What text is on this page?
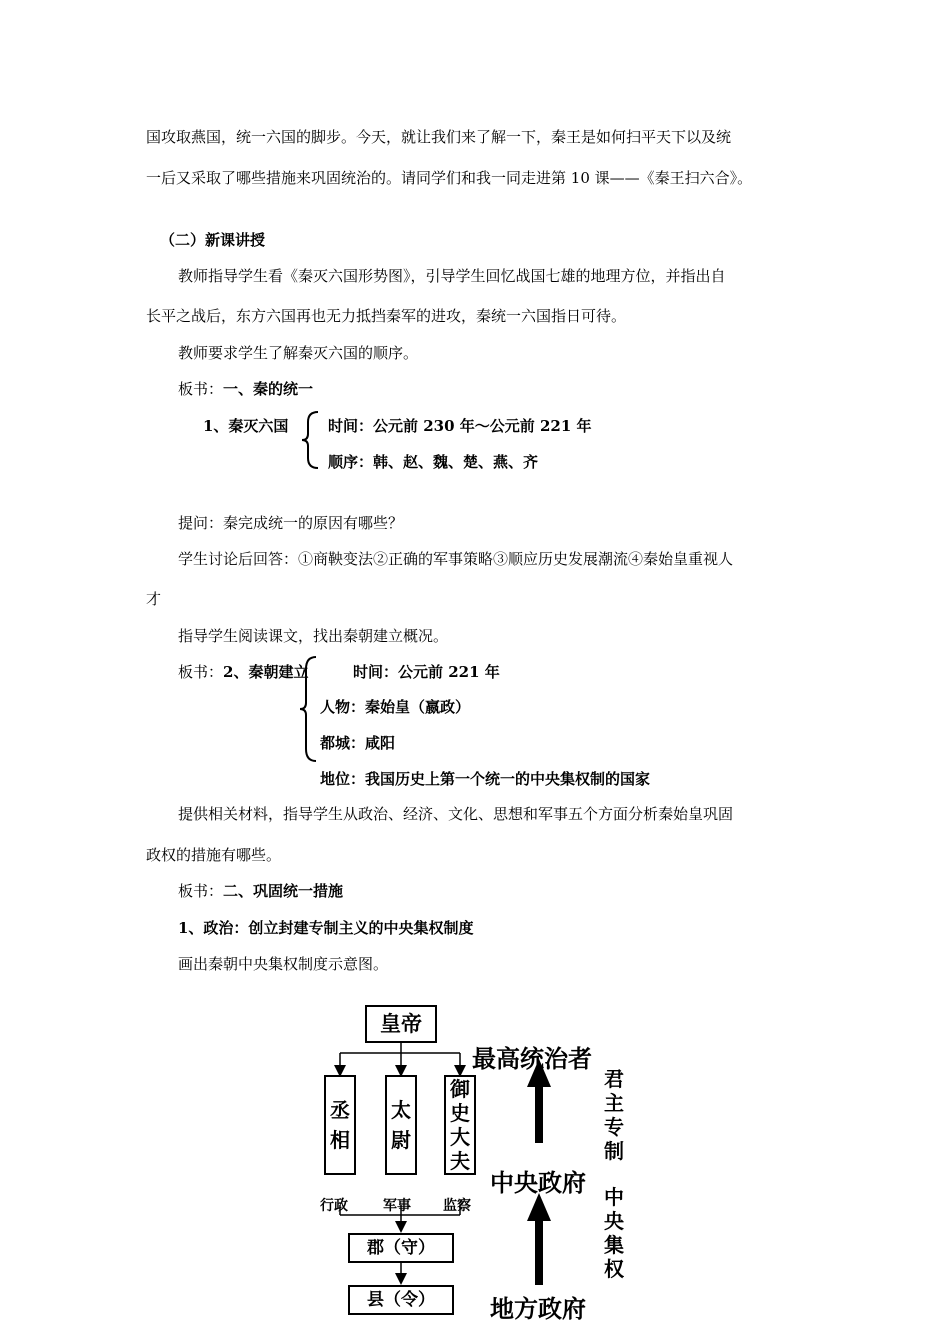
国攻取燕国，统一六国的脚步。今天，就让我们来了解一下，秦王是如何扫平天下以及统
一后又采取了哪些措施来巩固统治的。请同学们和我一同走进第 10 课——《秦王扫六合》。
（二）新课讲授
教师指导学生看《秦灭六国形势图》，引导学生回忆战国七雄的地理方位，并指出自
长平之战后，东方六国再也无力抵挡秦军的进攻，秦统一六国指日可待。
教师要求学生了解秦灭六国的顺序。
板书：一、秦的统一
1、秦灭六国	时间：公元前 230 年～公元前 221 年
顺序：韩、赵、魏、楚、燕、齐
提问：秦完成统一的原因有哪些？
学生讨论后回答：①商鞅变法②正确的军事策略③顺应历史发展潮流④秦始皇重视人
才
指导学生阅读课文，找出秦朝建立概况。
板书：2、秦朝建立	时间：公元前 221 年
人物：秦始皇（嬴政）
都城：咸阳
地位：我国历史上第一个统一的中央集权制的国家
提供相关材料，指导学生从政治、经济、文化、思想和军事五个方面分析秦始皇巩固
政权的措施有哪些。
板书：二、巩固统一措施
1、政治：创立封建专制主义的中央集权制度
画出秦朝中央集权制度示意图。
皇帝
丞
相
太
尉
御
史
大
夫
行政	军事 监察
郡（守）
县（令）
最高统治者
中央政府
地方政府
君
主
专
制
中
央
集
权
